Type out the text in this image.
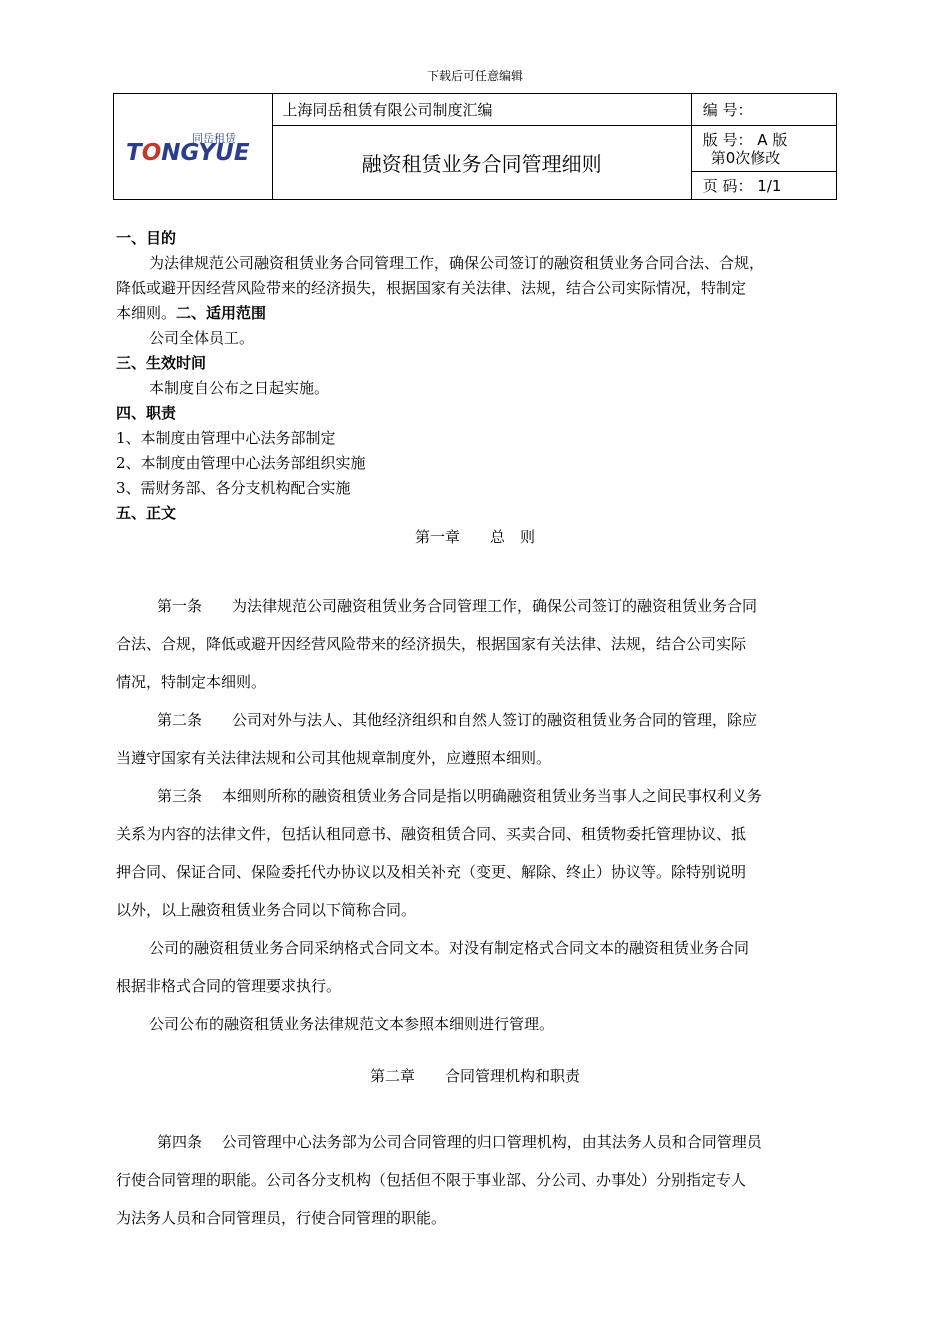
下载后可任意编辑
同岳租赁
TONGYUE	上海同岳租赁有限公司制度汇编	编 号：
	融资租赁业务合同管理细则	版 号： A 版
第0次修改

		页 码： 1/1
一、目的
为法律规范公司融资租赁业务合同管理工作，确保公司签订的融资租赁业务合同合法、合规，
降低或避开因经营风险带来的经济损失，根据国家有关法律、法规，结合公司实际情况，特制定
本细则。二、适用范围
公司全体员工。
三、生效时间
本制度自公布之日起实施。
四、职责
1、本制度由管理中心法务部制定
2、本制度由管理中心法务部组织实施
3、需财务部、各分支机构配合实施
五、正文
第一章　　总　则
第一条　　为法律规范公司融资租赁业务合同管理工作，确保公司签订的融资租赁业务合同
合法、合规，降低或避开因经营风险带来的经济损失，根据国家有关法律、法规，结合公司实际
情况，特制定本细则。
第二条　　公司对外与法人、其他经济组织和自然人签订的融资租赁业务合同的管理，除应
当遵守国家有关法律法规和公司其他规章制度外，应遵照本细则。
第三条　 本细则所称的融资租赁业务合同是指以明确融资租赁业务当事人之间民事权利义务
关系为内容的法律文件，包括认租同意书、融资租赁合同、买卖合同、租赁物委托管理协议、抵
押合同、保证合同、保险委托代办协议以及相关补充（变更、解除、终止）协议等。除特别说明
以外，以上融资租赁业务合同以下简称合同。
公司的融资租赁业务合同采纳格式合同文本。对没有制定格式合同文本的融资租赁业务合同
根据非格式合同的管理要求执行。
公司公布的融资租赁业务法律规范文本参照本细则进行管理。
第二章　　合同管理机构和职责
第四条　 公司管理中心法务部为公司合同管理的归口管理机构，由其法务人员和合同管理员
行使合同管理的职能。公司各分支机构（包括但不限于事业部、分公司、办事处）分别指定专人
为法务人员和合同管理员，行使合同管理的职能。
